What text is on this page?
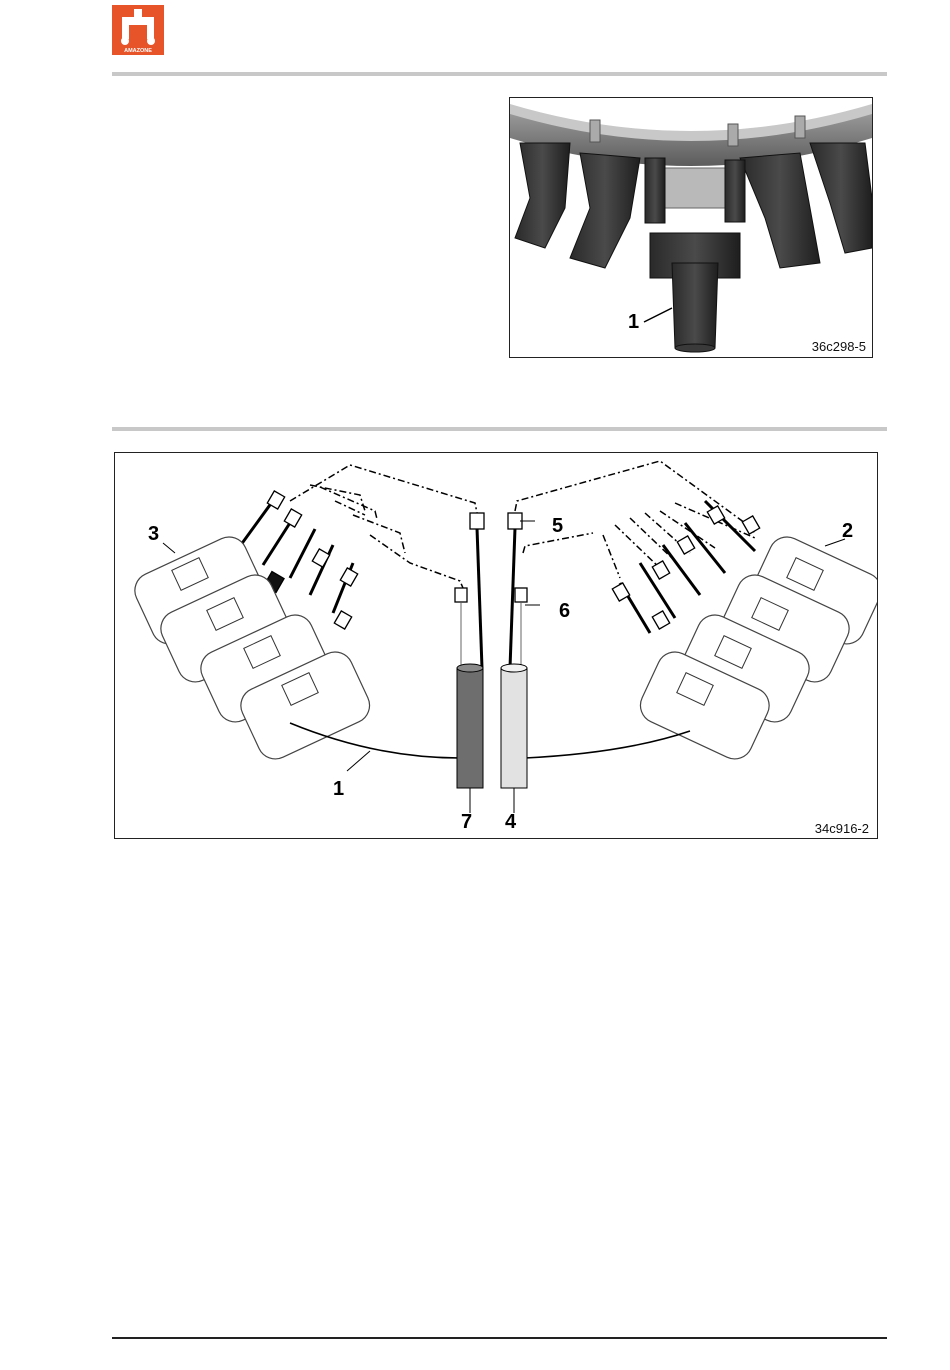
AMAZONE
1
36c298-5
3	2
5
6
1
7 4	34c916-2
